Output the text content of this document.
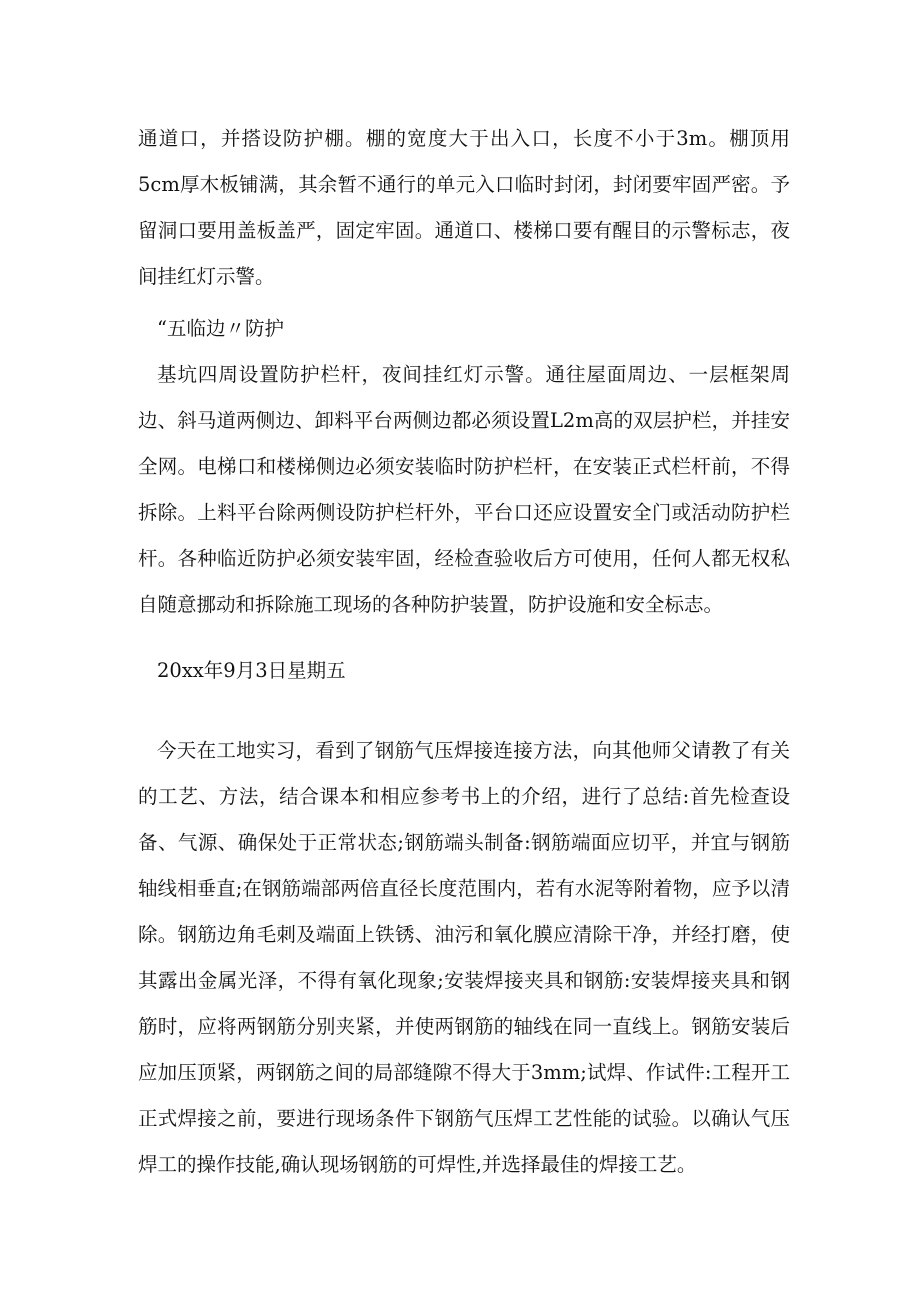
通道口，并搭设防护棚。棚的宽度大于出入口，长度不小于3m。棚顶用5cm厚木板铺满，其余暂不通行的单元入口临时封闭，封闭要牢固严密。予留洞口要用盖板盖严，固定牢固。通道口、楼梯口要有醒目的示警标志，夜间挂红灯示警。

“五临边〃防护

基坑四周设置防护栏杆，夜间挂红灯示警。通往屋面周边、一层框架周边、斜马道两侧边、卸料平台两侧边都必须设置L2m高的双层护栏，并挂安全网。电梯口和楼梯侧边必须安装临时防护栏杆，在安装正式栏杆前，不得拆除。上料平台除两侧设防护栏杆外，平台口还应设置安全门或活动防护栏杆。各种临近防护必须安装牢固，经检查验收后方可使用，任何人都无权私自随意挪动和拆除施工现场的各种防护装置，防护设施和安全标志。

20xx年9月3日星期五

今天在工地实习，看到了钢筋气压焊接连接方法，向其他师父请教了有关的工艺、方法，结合课本和相应参考书上的介绍，进行了总结:首先检查设备、气源、确保处于正常状态;钢筋端头制备:钢筋端面应切平，并宜与钢筋轴线相垂直;在钢筋端部两倍直径长度范围内，若有水泥等附着物，应予以清除。钢筋边角毛刺及端面上铁锈、油污和氧化膜应清除干净，并经打磨，使其露出金属光泽，不得有氧化现象;安装焊接夹具和钢筋:安装焊接夹具和钢筋时，应将两钢筋分别夹紧，并使两钢筋的轴线在同一直线上。钢筋安装后应加压顶紧，两钢筋之间的局部缝隙不得大于3mm;试焊、作试件:工程开工正式焊接之前，要进行现场条件下钢筋气压焊工艺性能的试验。以确认气压焊工的操作技能,确认现场钢筋的可焊性,并选择最佳的焊接工艺。
